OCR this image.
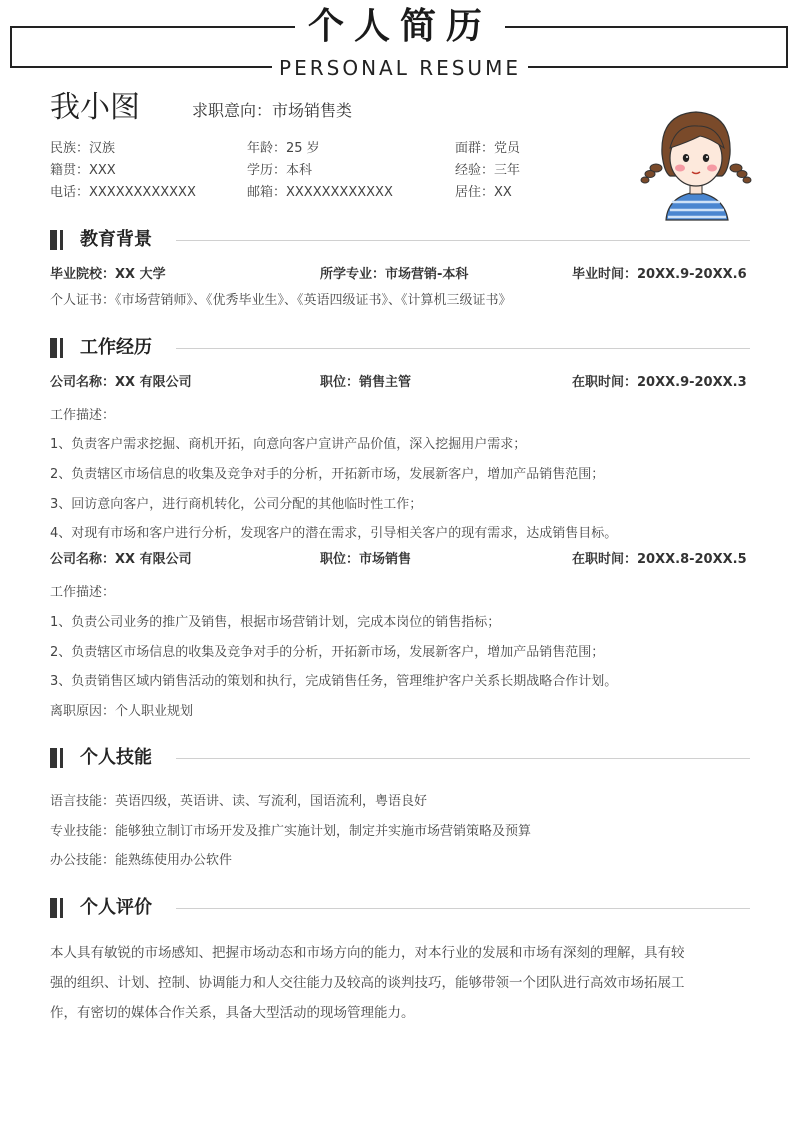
个人简历
PERSONAL RESUME
我小图	求职意向：市场销售类
民族：汉族	年龄：25 岁	面群：党员
籍贯：XXX	学历：本科	经验：三年
电话：XXXXXXXXXXXX	邮箱：XXXXXXXXXXXX	居住：XX
教育背景
毕业院校：XX 大学	所学专业：市场营销-本科	毕业时间：20XX.9-20XX.6
个人证书：《市场营销师》、《优秀毕业生》、《英语四级证书》、《计算机三级证书》
工作经历
公司名称：XX 有限公司	职位：销售主管	在职时间：20XX.9-20XX.3
工作描述：
1、负责客户需求挖掘、商机开拓，向意向客户宣讲产品价值，深入挖掘用户需求；
2、负责辖区市场信息的收集及竞争对手的分析，开拓新市场，发展新客户，增加产品销售范围；
3、回访意向客户，进行商机转化，公司分配的其他临时性工作；
4、对现有市场和客户进行分析，发现客户的潜在需求，引导相关客户的现有需求，达成销售目标。
公司名称：XX 有限公司	职位：市场销售	在职时间：20XX.8-20XX.5
工作描述：
1、负责公司业务的推广及销售，根据市场营销计划，完成本岗位的销售指标；
2、负责辖区市场信息的收集及竞争对手的分析，开拓新市场，发展新客户，增加产品销售范围；
3、负责销售区域内销售活动的策划和执行，完成销售任务，管理维护客户关系长期战略合作计划。
离职原因：个人职业规划
个人技能
语言技能：英语四级，英语讲、读、写流利，国语流利，粤语良好
专业技能：能够独立制订市场开发及推广实施计划，制定并实施市场营销策略及预算
办公技能：能熟练使用办公软件
个人评价
本人具有敏锐的市场感知、把握市场动态和市场方向的能力，对本行业的发展和市场有深刻的理解，具有较
强的组织、计划、控制、协调能力和人交往能力及较高的谈判技巧，能够带领一个团队进行高效市场拓展工
作，有密切的媒体合作关系，具备大型活动的现场管理能力。
